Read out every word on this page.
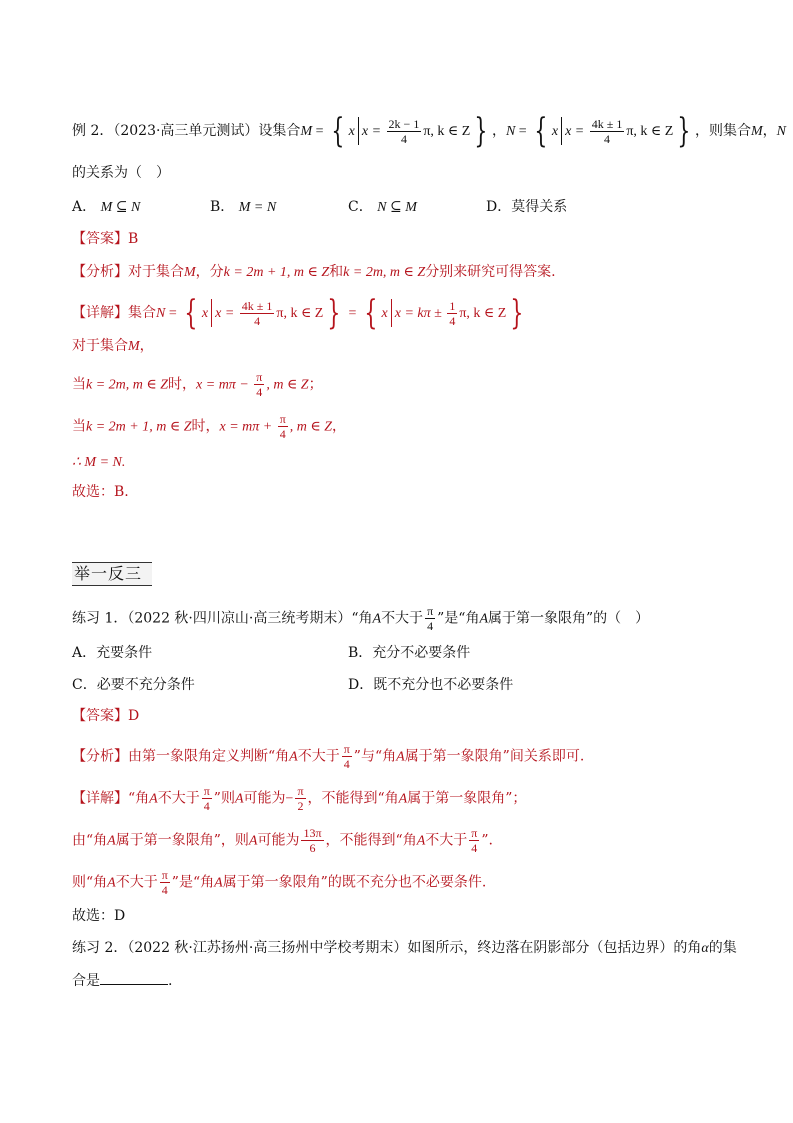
例 2．（2023·高三单元测试）设集合M = { x $x = \frac{2k - 1}{4} \pi$, k ∈ Z } ，N = { x $x = \frac{4k \pm 1}{4} \pi$, k ∈ Z } ，则集合M，N
的关系为（　）
A． M ⊆ N	B． M = N	C． N ⊆ M	D．莫得关系
【答案】B
【分析】对于集合M，分k = 2m + 1, m ∈ Z和k = 2m, m ∈ Z分别来研究可得答案.
【详解】集合N = { x $x = \frac{4k \pm 1}{4} \pi$, k ∈ Z } = { x $x = k\pi \pm \frac{1}{4} \pi$, k ∈ Z }
对于集合M，
当k = 2m, m ∈ Z时，$x = m\pi - \frac{\pi}{4}$ , m ∈ Z；
当k = 2m + 1, m ∈ Z时，$x = m\pi + \frac{\pi}{4}$ , m ∈ Z，
∴ M = N.
故选：B.
举一反三
练习 1．（2022 秋·四川凉山·高三统考期末）“角A不大于 $\frac{\pi}{4}$ ”是“角A属于第一象限角”的（　）
A．充要条件	B．充分不必要条件
C．必要不充分条件	D．既不充分也不必要条件
【答案】D
【分析】由第一象限角定义判断“角A不大于 $\frac{\pi}{4}$ ”与“角A属于第一象限角”间关系即可.
【详解】“角A不大于 $\frac{\pi}{4}$ ”则A可能为− $\frac{\pi}{2}$ ，不能得到“角A属于第一象限角”；
由“角A属于第一象限角”，则A可能为 $\frac{13\pi}{6}$ ，不能得到“角A不大于 $\frac{\pi}{4}$ ”.
则“角A不大于 $\frac{\pi}{4}$ ”是“角A属于第一象限角”的既不充分也不必要条件.
故选：D
练习 2．（2022 秋·江苏扬州·高三扬州中学校考期末）如图所示，终边落在阴影部分（包括边界）的角α的集
合是	.
